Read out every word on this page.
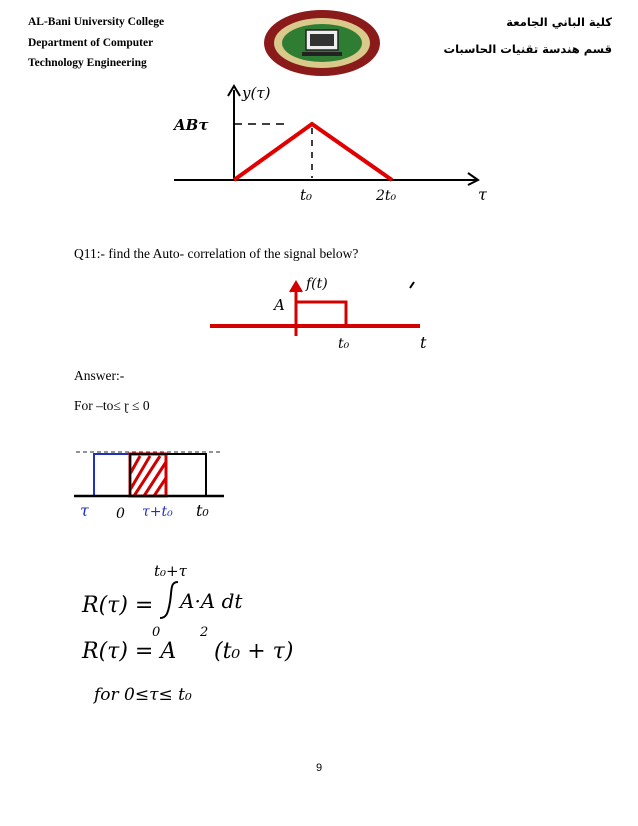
AL-Bani University College
Department of Computer
Technology Engineering
كلية الباني الجامعة
قسم هندسة تقنيات الحاسبات
y(τ)
ABτ
t₀	2t₀	τ
Q11:- find the Auto- correlation of the signal below?
f(t)
A
t₀	t
Answer:-
For –to≤ ɽ ≤ 0
τ 0 τ+t₀ t₀
t₀+τ
0
R(τ) = A·A dt
R(τ) = A
2
(t₀ + τ)
for 0≤τ≤ t₀
9
